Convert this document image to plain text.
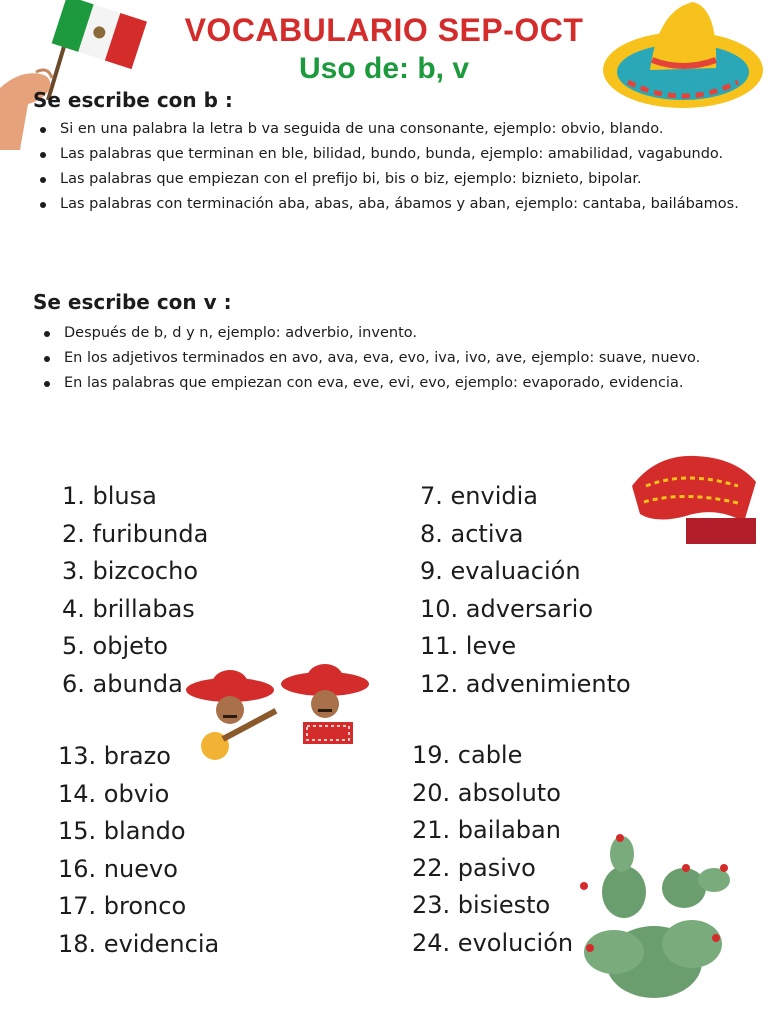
VOCABULARIO SEP-OCT
Uso de: b, v
Se escribe con b :
Si en una palabra la letra b va seguida de una consonante, ejemplo: obvio, blando.
Las palabras que terminan en ble, bilidad, bundo, bunda, ejemplo: amabilidad, vagabundo.
Las palabras que empiezan con el prefijo bi, bis o biz, ejemplo: biznieto, bipolar.
Las palabras con terminación aba, abas, aba, ábamos y aban, ejemplo: cantaba, bailábamos.
Se escribe con v :
Después de b, d y n, ejemplo: adverbio, invento.
En los adjetivos terminados en avo, ava, eva, evo, iva, ivo, ave, ejemplo: suave, nuevo.
En las palabras que empiezan con eva, eve, evi, evo, ejemplo: evaporado, evidencia.
1. blusa
2. furibunda
3. bizcocho
4. brillabas
5. objeto
6. abunda
7. envidia
8. activa
9. evaluación
10. adversario
11. leve
12. advenimiento
13. brazo
14. obvio
15. blando
16. nuevo
17. bronco
18. evidencia
19. cable
20. absoluto
21. bailaban
22. pasivo
23. bisiesto
24. evolución
